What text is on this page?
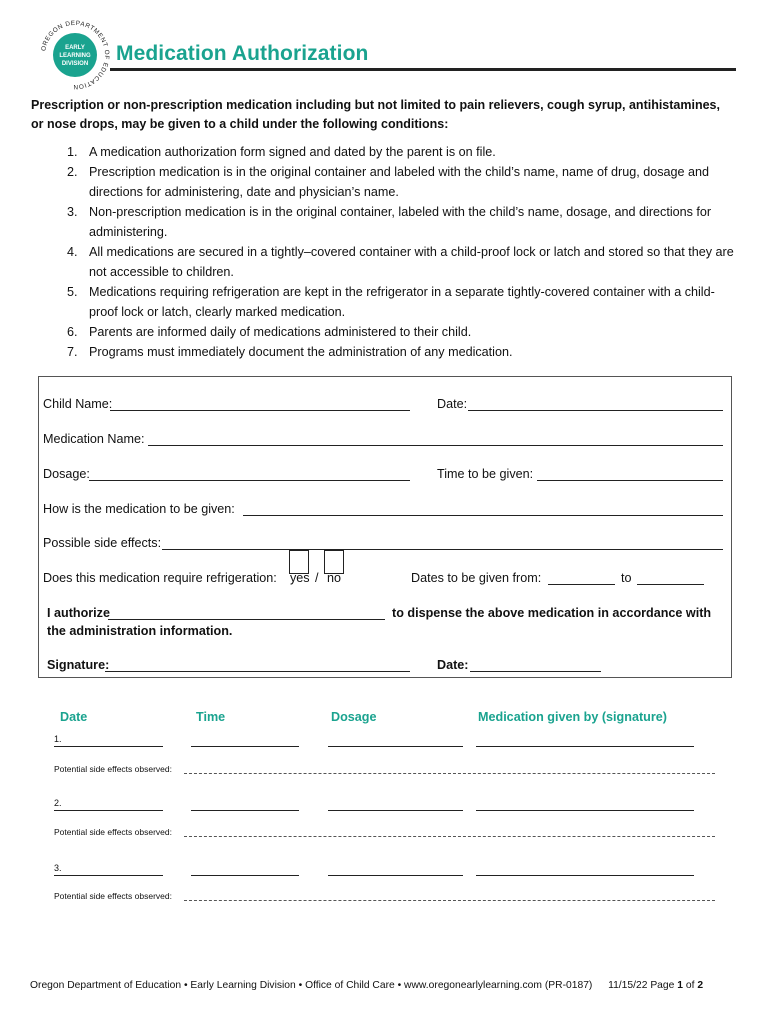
OREGON DEPARTMENT OF EDUCATION
EARLY
LEARNING
DIVISION Medication Authorization
Prescription or non-prescription medication including but not limited to pain relievers, cough syrup, antihistamines, or nose drops, may be given to a child under the following conditions:
1. A medication authorization form signed and dated by the parent is on file.
2. Prescription medication is in the original container and labeled with the child’s name, name of drug, dosage and directions for administering, date and physician’s name.
3. Non-prescription medication is in the original container, labeled with the child’s name, dosage, and directions for administering.
4. All medications are secured in a tightly–covered container with a child-proof lock or latch and stored so that they are not accessible to children.
5. Medications requiring refrigeration are kept in the refrigerator in a separate tightly-covered container with a child-proof lock or latch, clearly marked medication.
6. Parents are informed daily of medications administered to their child.
7. Programs must immediately document the administration of any medication.
Child Name:	Date:
Medication Name:
Dosage:	Time to be given:
How is the medication to be given:
Possible side effects:
Does this medication require refrigeration: yes / no	Dates to be given from:	to
I authorize	to dispense the above medication in accordance with
the administration information.
Signature:	Date:
Date	Time	Dosage	Medication given by (signature)
1.
Potential side effects observed:
2.
Potential side effects observed:
3.
Potential side effects observed:
Oregon Department of Education • Early Learning Division • Office of Child Care • www.oregonearlylearning.com (PR-0187) 11/15/22 Page 1 of 2
